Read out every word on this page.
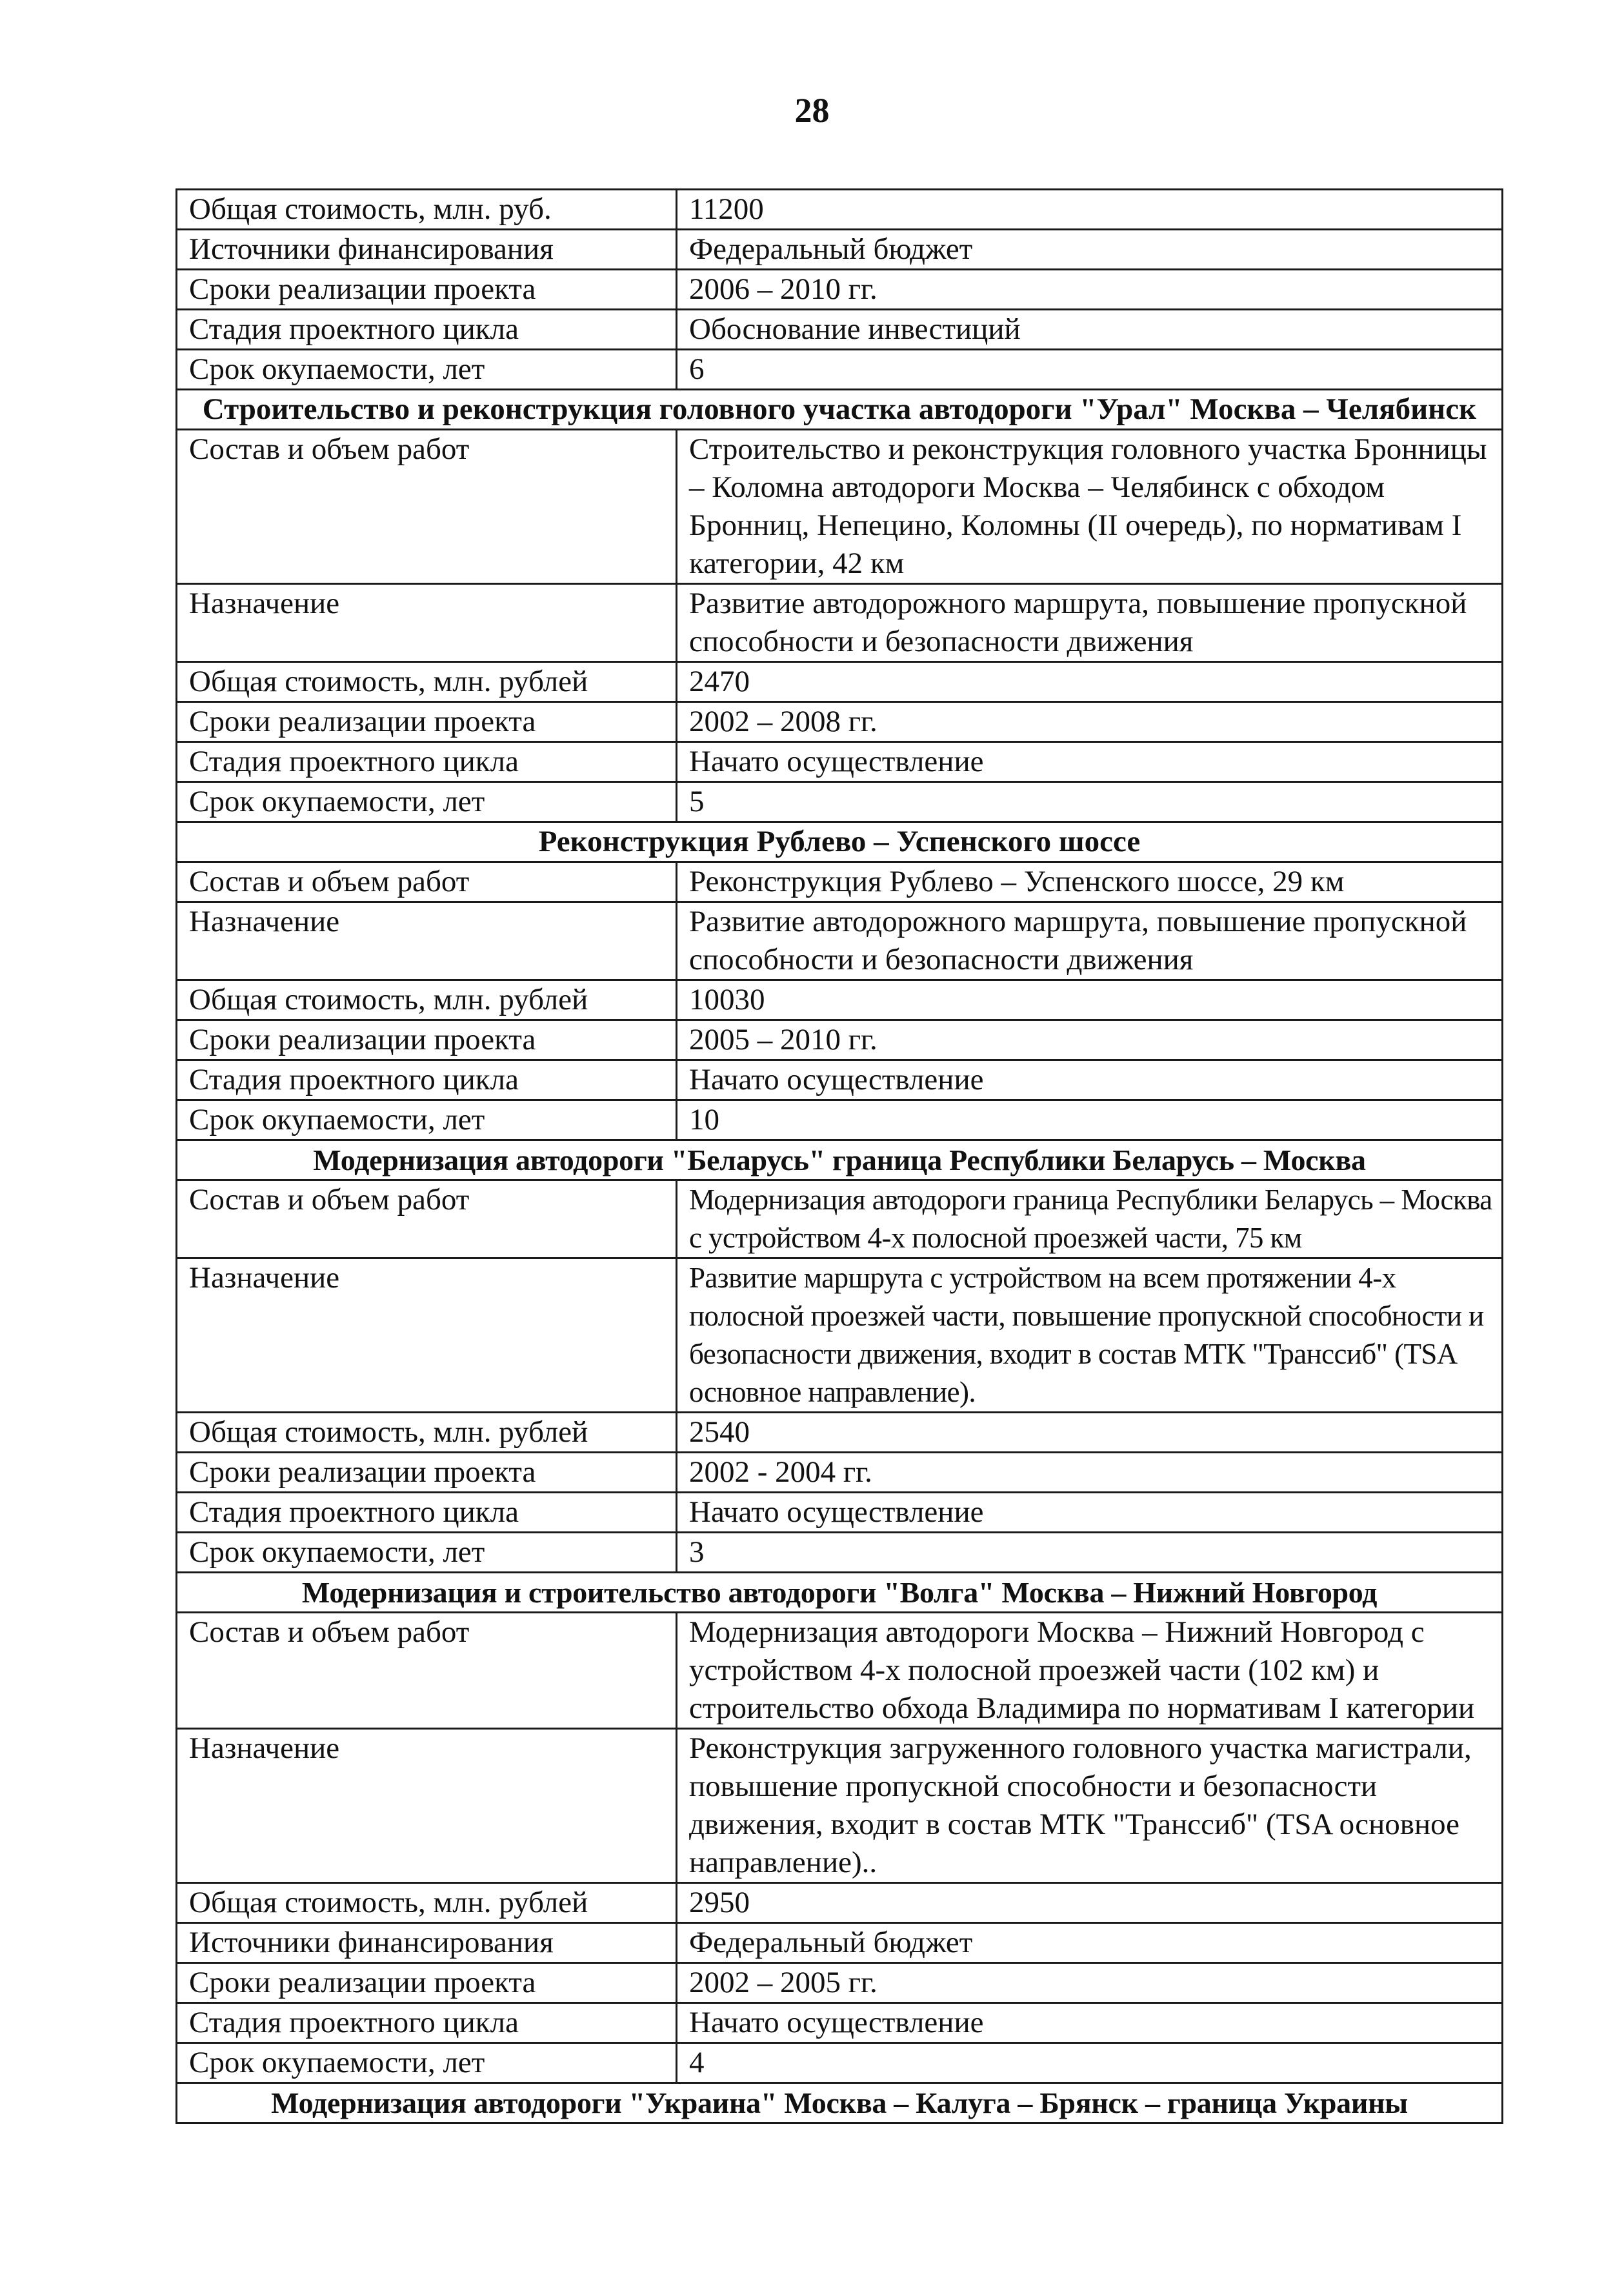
28
Общая стоимость, млн. руб.	11200
Источники финансирования	Федеральный бюджет
Сроки реализации проекта	2006 – 2010 гг.
Стадия проектного цикла	Обоснование инвестиций
Срок окупаемости, лет	6
Строительство и реконструкция головного участка автодороги "Урал" Москва – Челябинск	
Состав и объем работ	Строительство и реконструкция головного участка Бронницы – Коломна автодороги Москва – Челябинск с обходом Бронниц, Непецино, Коломны (II очередь), по нормативам I категории, 42 км
Назначение	Развитие автодорожного маршрута, повышение пропускной способности и безопасности движения
Общая стоимость, млн. рублей	2470
Сроки реализации проекта	2002 – 2008 гг.
Стадия проектного цикла	Начато осуществление
Срок окупаемости, лет	5
Реконструкция Рублево – Успенского шоссе	
Состав и объем работ	Реконструкция Рублево – Успенского шоссе, 29 км
Назначение	Развитие автодорожного маршрута, повышение пропускной способности и безопасности движения
Общая стоимость, млн. рублей	10030
Сроки реализации проекта	2005 – 2010 гг.
Стадия проектного цикла	Начато осуществление
Срок окупаемости, лет	10
Модернизация автодороги "Беларусь" граница Республики Беларусь – Москва	
Состав и объем работ	Модернизация автодороги граница Республики Беларусь – Москва с устройством 4-х полосной проезжей части, 75 км
Назначение	Развитие маршрута с устройством на всем протяжении 4-х полосной проезжей части, повышение пропускной способности и безопасности движения, входит в состав МТК "Транссиб" (TSA основное направление).
Общая стоимость, млн. рублей	2540
Сроки реализации проекта	2002 - 2004 гг.
Стадия проектного цикла	Начато осуществление
Срок окупаемости, лет	3
Модернизация и строительство автодороги "Волга" Москва – Нижний Новгород	
Состав и объем работ	Модернизация автодороги Москва – Нижний Новгород с устройством 4-х полосной проезжей части (102 км) и строительство обхода Владимира по нормативам I категории
Назначение	Реконструкция загруженного головного участка магистрали, повышение пропускной способности и безопасности движения, входит в состав МТК "Транссиб" (TSA основное направление)..
Общая стоимость, млн. рублей	2950
Источники финансирования	Федеральный бюджет
Сроки реализации проекта	2002 – 2005 гг.
Стадия проектного цикла	Начато осуществление
Срок окупаемости, лет	4
Модернизация автодороги "Украина" Москва – Калуга – Брянск – граница Украины	
